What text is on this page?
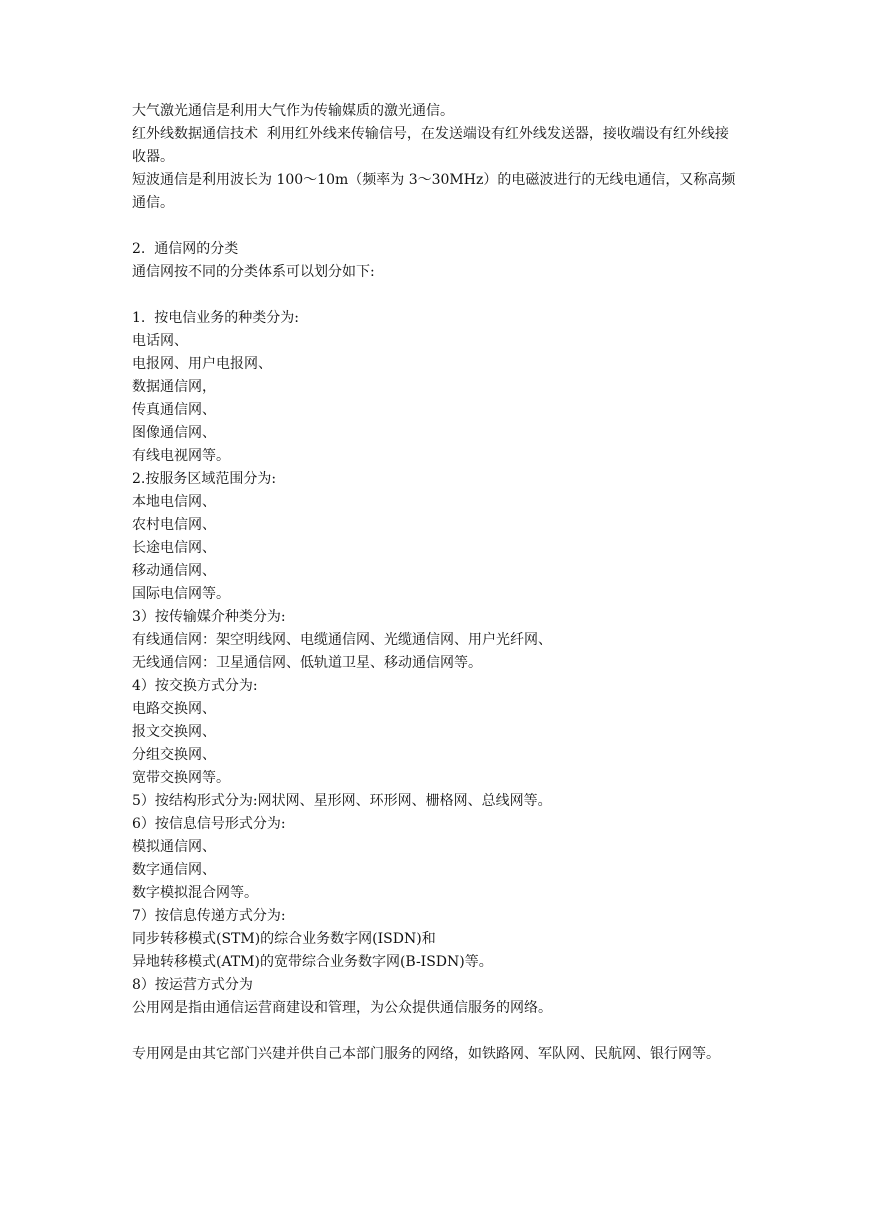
大气激光通信是利用大气作为传输媒质的激光通信。
红外线数据通信技术  利用红外线来传输信号，在发送端设有红外线发送器，接收端设有红外线接收器。
短波通信是利用波长为 100～10m（频率为 3～30MHz）的电磁波进行的无线电通信，又称高频通信。
2.  通信网的分类
通信网按不同的分类体系可以划分如下:
1.  按电信业务的种类分为:
电话网、
电报网、用户电报网、
数据通信网，
传真通信网、
图像通信网、
有线电视网等。
2.按服务区域范围分为:
本地电信网、
农村电信网、
长途电信网、
移动通信网、
国际电信网等。
3）按传输媒介种类分为:
有线通信网：架空明线网、电缆通信网、光缆通信网、用户光纤网、
无线通信网：卫星通信网、低轨道卫星、移动通信网等。
4）按交换方式分为:
电路交换网、
报文交换网、
分组交换网、
宽带交换网等。
5）按结构形式分为:网状网、星形网、环形网、栅格网、总线网等。
6）按信息信号形式分为:
模拟通信网、
数字通信网、
数字模拟混合网等。
7）按信息传递方式分为:
同步转移模式(STM)的综合业务数字网(ISDN)和
异地转移模式(ATM)的宽带综合业务数字网(B-ISDN)等。
8）按运营方式分为
公用网是指由通信运营商建设和管理，为公众提供通信服务的网络。
专用网是由其它部门兴建并供自己本部门服务的网络，如铁路网、军队网、民航网、银行网等。
